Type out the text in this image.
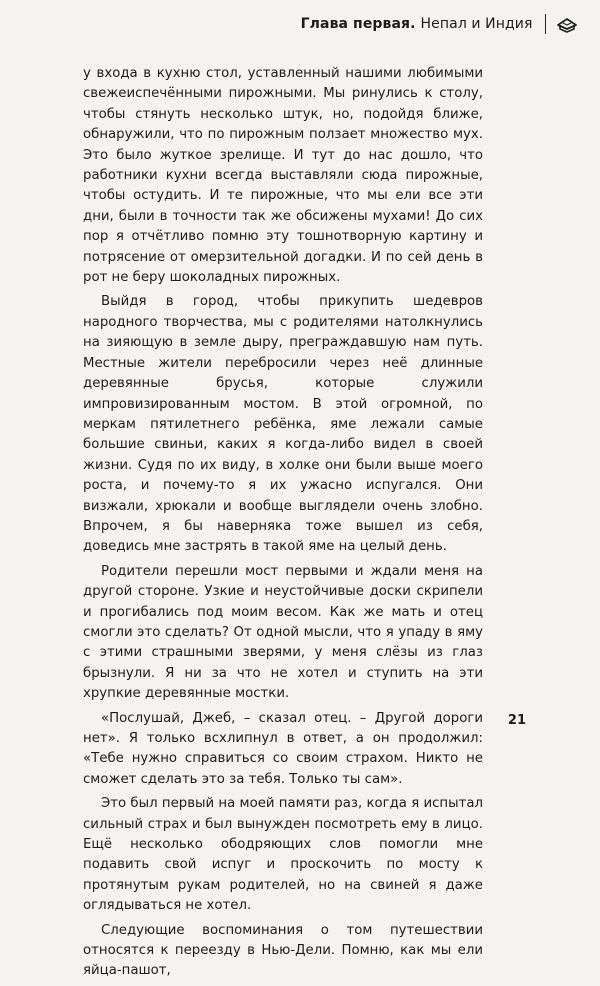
Глава первая. Непал и Индия

у входа в кухню стол, уставленный нашими любимыми свежеиспечёнными пирожными. Мы ринулись к столу, чтобы стянуть несколько штук, но, подойдя ближе, обнаружили, что по пирожным ползает множество мух. Это было жуткое зрелище. И тут до нас дошло, что работники кухни всегда выставляли сюда пирожные, чтобы остудить. И те пирожные, что мы ели все эти дни, были в точности так же обсижены мухами! До сих пор я отчётливо помню эту тошнотворную картину и потрясение от омерзительной догадки. И по сей день в рот не беру шоколадных пирожных.

Выйдя в город, чтобы прикупить шедевров народного творчества, мы с родителями натолкнулись на зияющую в земле дыру, преграждавшую нам путь. Местные жители перебросили через неё длинные деревянные брусья, которые служили импровизированным мостом. В этой огромной, по меркам пятилетнего ребёнка, яме лежали самые большие свиньи, каких я когда-либо видел в своей жизни. Судя по их виду, в холке они были выше моего роста, и почему-то я их ужасно испугался. Они визжали, хрюкали и вообще выглядели очень злобно. Впрочем, я бы наверняка тоже вышел из себя, доведись мне застрять в такой яме на целый день.

Родители перешли мост первыми и ждали меня на другой стороне. Узкие и неустойчивые доски скрипели и прогибались под моим весом. Как же мать и отец смогли это сделать? От одной мысли, что я упаду в яму с этими страшными зверями, у меня слёзы из глаз брызнули. Я ни за что не хотел и ступить на эти хрупкие деревянные мостки.

«Послушай, Джеб, – сказал отец. – Другой дороги нет». Я только всхлипнул в ответ, а он продолжил: «Тебе нужно справиться со своим страхом. Никто не сможет сделать это за тебя. Только ты сам».

Это был первый на моей памяти раз, когда я испытал сильный страх и был вынужден посмотреть ему в лицо. Ещё несколько ободряющих слов помогли мне подавить свой испуг и проскочить по мосту к протянутым рукам родителей, но на свиней я даже оглядываться не хотел.

Следующие воспоминания о том путешествии относятся к переезду в Нью-Дели. Помню, как мы ели яйца-пашот,

21
